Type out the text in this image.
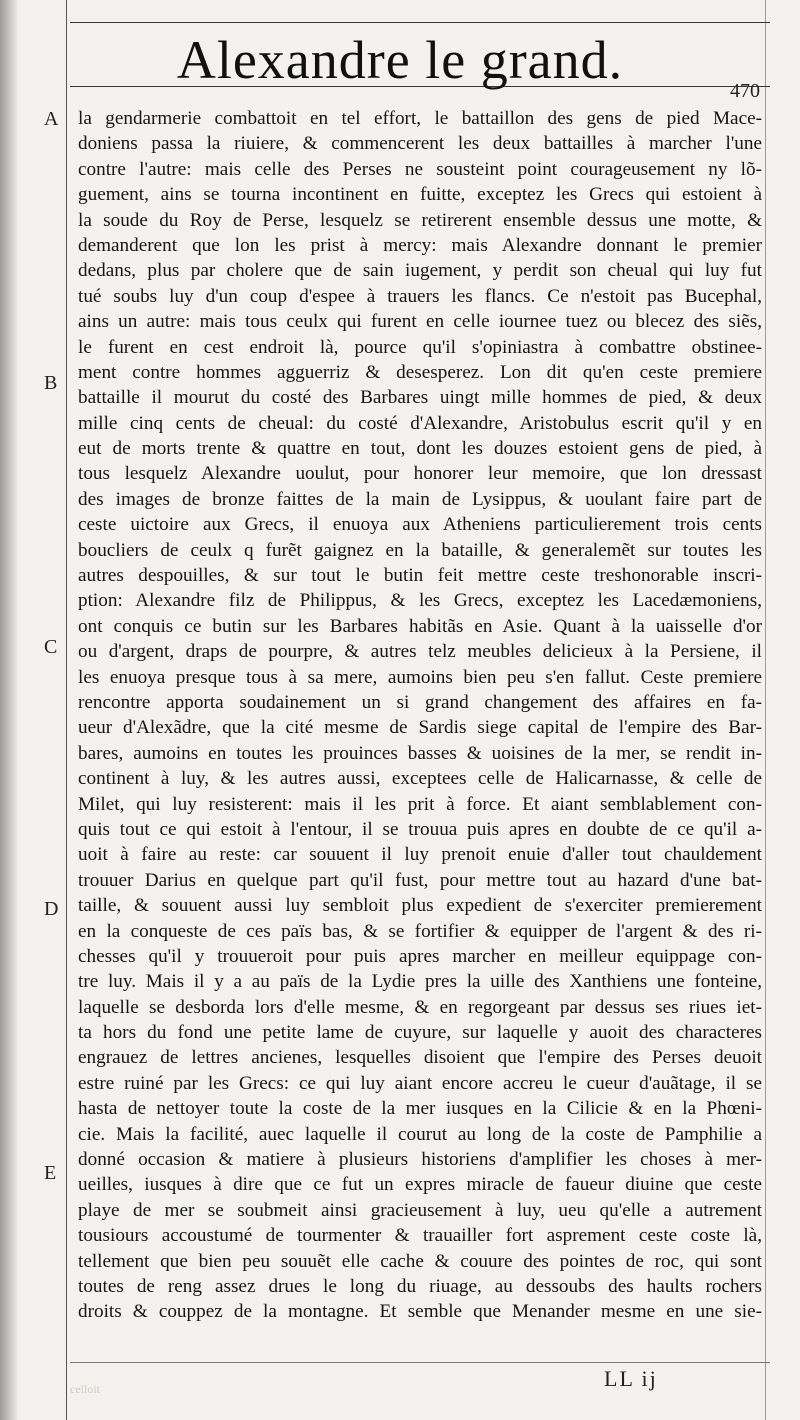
Alexandre le grand.
470
A
B
C
D
E
la gendarmerie combattoit en tel effort, le battaillon des gens de pied Mace-
doniens passa la riuiere, & commencerent les deux battailles à marcher l'une
contre l'autre: mais celle des Perses ne sousteint point courageusement ny lõ-
guement, ains se tourna incontinent en fuitte, exceptez les Grecs qui estoient à
la soude du Roy de Perse, lesquelz se retirerent ensemble dessus une motte, &
demanderent que lon les prist à mercy: mais Alexandre donnant le premier
dedans, plus par cholere que de sain iugement, y perdit son cheual qui luy fut
tué soubs luy d'un coup d'espee à trauers les flancs. Ce n'estoit pas Bucephal,
ains un autre: mais tous ceulx qui furent en celle iournee tuez ou blecez des siẽs,
le furent en cest endroit là, pource qu'il s'opiniastra à combattre obstinee-
ment contre hommes agguerriz & desesperez. Lon dit qu'en ceste premiere
battaille il mourut du costé des Barbares uingt mille hommes de pied, & deux
mille cinq cents de cheual: du costé d'Alexandre, Aristobulus escrit qu'il y en
eut de morts trente & quattre en tout, dont les douzes estoient gens de pied, à
tous lesquelz Alexandre uoulut, pour honorer leur memoire, que lon dressast
des images de bronze faittes de la main de Lysippus, & uoulant faire part de
ceste uictoire aux Grecs, il enuoya aux Atheniens particulierement trois cents
boucliers de ceulx q furẽt gaignez en la bataille, & generalemẽt sur toutes les
autres despouilles, & sur tout le butin feit mettre ceste treshonorable inscri-
ption: Alexandre filz de Philippus, & les Grecs, exceptez les Lacedæmoniens,
ont conquis ce butin sur les Barbares habitãs en Asie. Quant à la uaisselle d'or
ou d'argent, draps de pourpre, & autres telz meubles delicieux à la Persiene, il
les enuoya presque tous à sa mere, aumoins bien peu s'en fallut. Ceste premiere
rencontre apporta soudainement un si grand changement des affaires en fa-
ueur d'Alexãdre, que la cité mesme de Sardis siege capital de l'empire des Bar-
bares, aumoins en toutes les prouinces basses & uoisines de la mer, se rendit in-
continent à luy, & les autres aussi, exceptees celle de Halicarnasse, & celle de
Milet, qui luy resisterent: mais il les prit à force. Et aiant semblablement con-
quis tout ce qui estoit à l'entour, il se trouua puis apres en doubte de ce qu'il a-
uoit à faire au reste: car souuent il luy prenoit enuie d'aller tout chauldement
trouuer Darius en quelque part qu'il fust, pour mettre tout au hazard d'une bat-
taille, & souuent aussi luy sembloit plus expedient de s'exerciter premierement
en la conqueste de ces païs bas, & se fortifier & equipper de l'argent & des ri-
chesses qu'il y trouueroit pour puis apres marcher en meilleur equippage con-
tre luy. Mais il y a au païs de la Lydie pres la uille des Xanthiens une fonteine,
laquelle se desborda lors d'elle mesme, & en regorgeant par dessus ses riues iet-
ta hors du fond une petite lame de cuyure, sur laquelle y auoit des characteres
engrauez de lettres ancienes, lesquelles disoient que l'empire des Perses deuoit
estre ruiné par les Grecs: ce qui luy aiant encore accreu le cueur d'auãtage, il se
hasta de nettoyer toute la coste de la mer iusques en la Cilicie & en la Phœni-
cie. Mais la facilité, auec laquelle il courut au long de la coste de Pamphilie a
donné occasion & matiere à plusieurs historiens d'amplifier les choses à mer-
ueilles, iusques à dire que ce fut un expres miracle de faueur diuine que ceste
playe de mer se soubmeit ainsi gracieusement à luy, ueu qu'elle a autrement
tousiours accoustumé de tourmenter & trauailler fort asprement ceste coste là,
tellement que bien peu souuẽt elle cache & couure des pointes de roc, qui sont
toutes de reng assez drues le long du riuage, au dessoubs des haults rochers
droits & couppez de la montagne. Et semble que Menander mesme en une sie-
LL ij
celloit
